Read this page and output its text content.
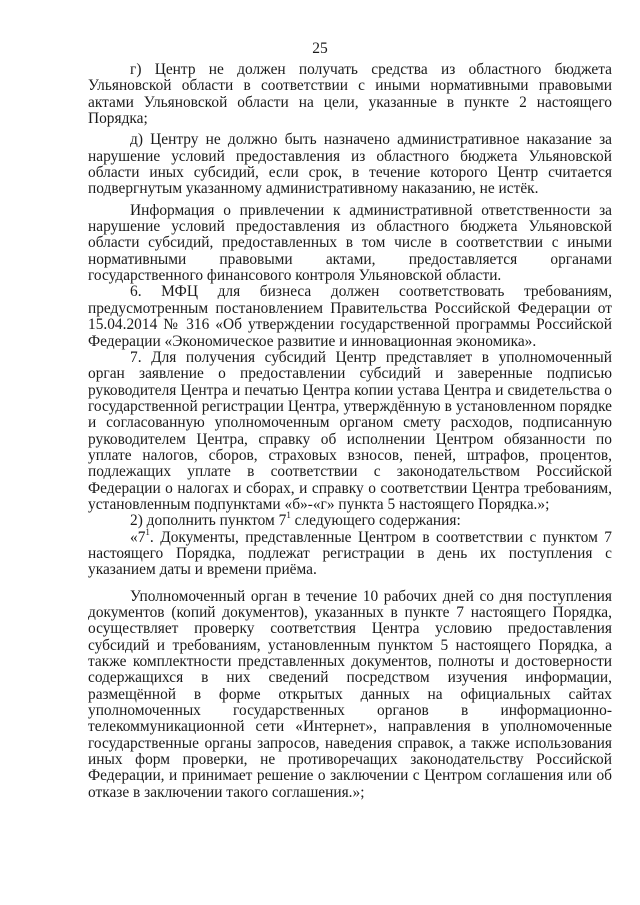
25

г) Центр не должен получать средства из областного бюджета Ульяновской области в соответствии с иными нормативными правовыми актами Ульяновской области на цели, указанные в пункте 2 настоящего Порядка;

д) Центру не должно быть назначено административное наказание за нарушение условий предоставления из областного бюджета Ульяновской области иных субсидий, если срок, в течение которого Центр считается подвергнутым указанному административному наказанию, не истёк.

Информация о привлечении к административной ответственности за нарушение условий предоставления из областного бюджета Ульяновской области субсидий, предоставленных в том числе в соответствии с иными нормативными правовыми актами, предоставляется органами государственного финансового контроля Ульяновской области.

6. МФЦ для бизнеса должен соответствовать требованиям, предусмотренным постановлением Правительства Российской Федерации от 15.04.2014 № 316 «Об утверждении государственной программы Российской Федерации «Экономическое развитие и инновационная экономика».

7. Для получения субсидий Центр представляет в уполномоченный орган заявление о предоставлении субсидий и заверенные подписью руководителя Центра и печатью Центра копии устава Центра и свидетельства о государственной регистрации Центра, утверждённую в установленном порядке и согласованную уполномоченным органом смету расходов, подписанную руководителем Центра, справку об исполнении Центром обязанности по уплате налогов, сборов, страховых взносов, пеней, штрафов, процентов, подлежащих уплате в соответствии с законодательством Российской Федерации о налогах и сборах, и справку о соответствии Центра требованиям, установленным подпунктами «б»-«г» пункта 5 настоящего Порядка.»;

2) дополнить пунктом $7^1$ следующего содержания:

«$7^1$. Документы, представленные Центром в соответствии с пунктом 7 настоящего Порядка, подлежат регистрации в день их поступления с указанием даты и времени приёма.

Уполномоченный орган в течение 10 рабочих дней со дня поступления документов (копий документов), указанных в пункте 7 настоящего Порядка, осуществляет проверку соответствия Центра условию предоставления субсидий и требованиям, установленным пунктом 5 настоящего Порядка, а также комплектности представленных документов, полноты и достоверности содержащихся в них сведений посредством изучения информации, размещённой в форме открытых данных на официальных сайтах уполномоченных государственных органов в информационно-телекоммуникационной сети «Интернет», направления в уполномоченные государственные органы запросов, наведения справок, а также использования иных форм проверки, не противоречащих законодательству Российской Федерации, и принимает решение о заключении с Центром соглашения или об отказе в заключении такого соглашения.»;
